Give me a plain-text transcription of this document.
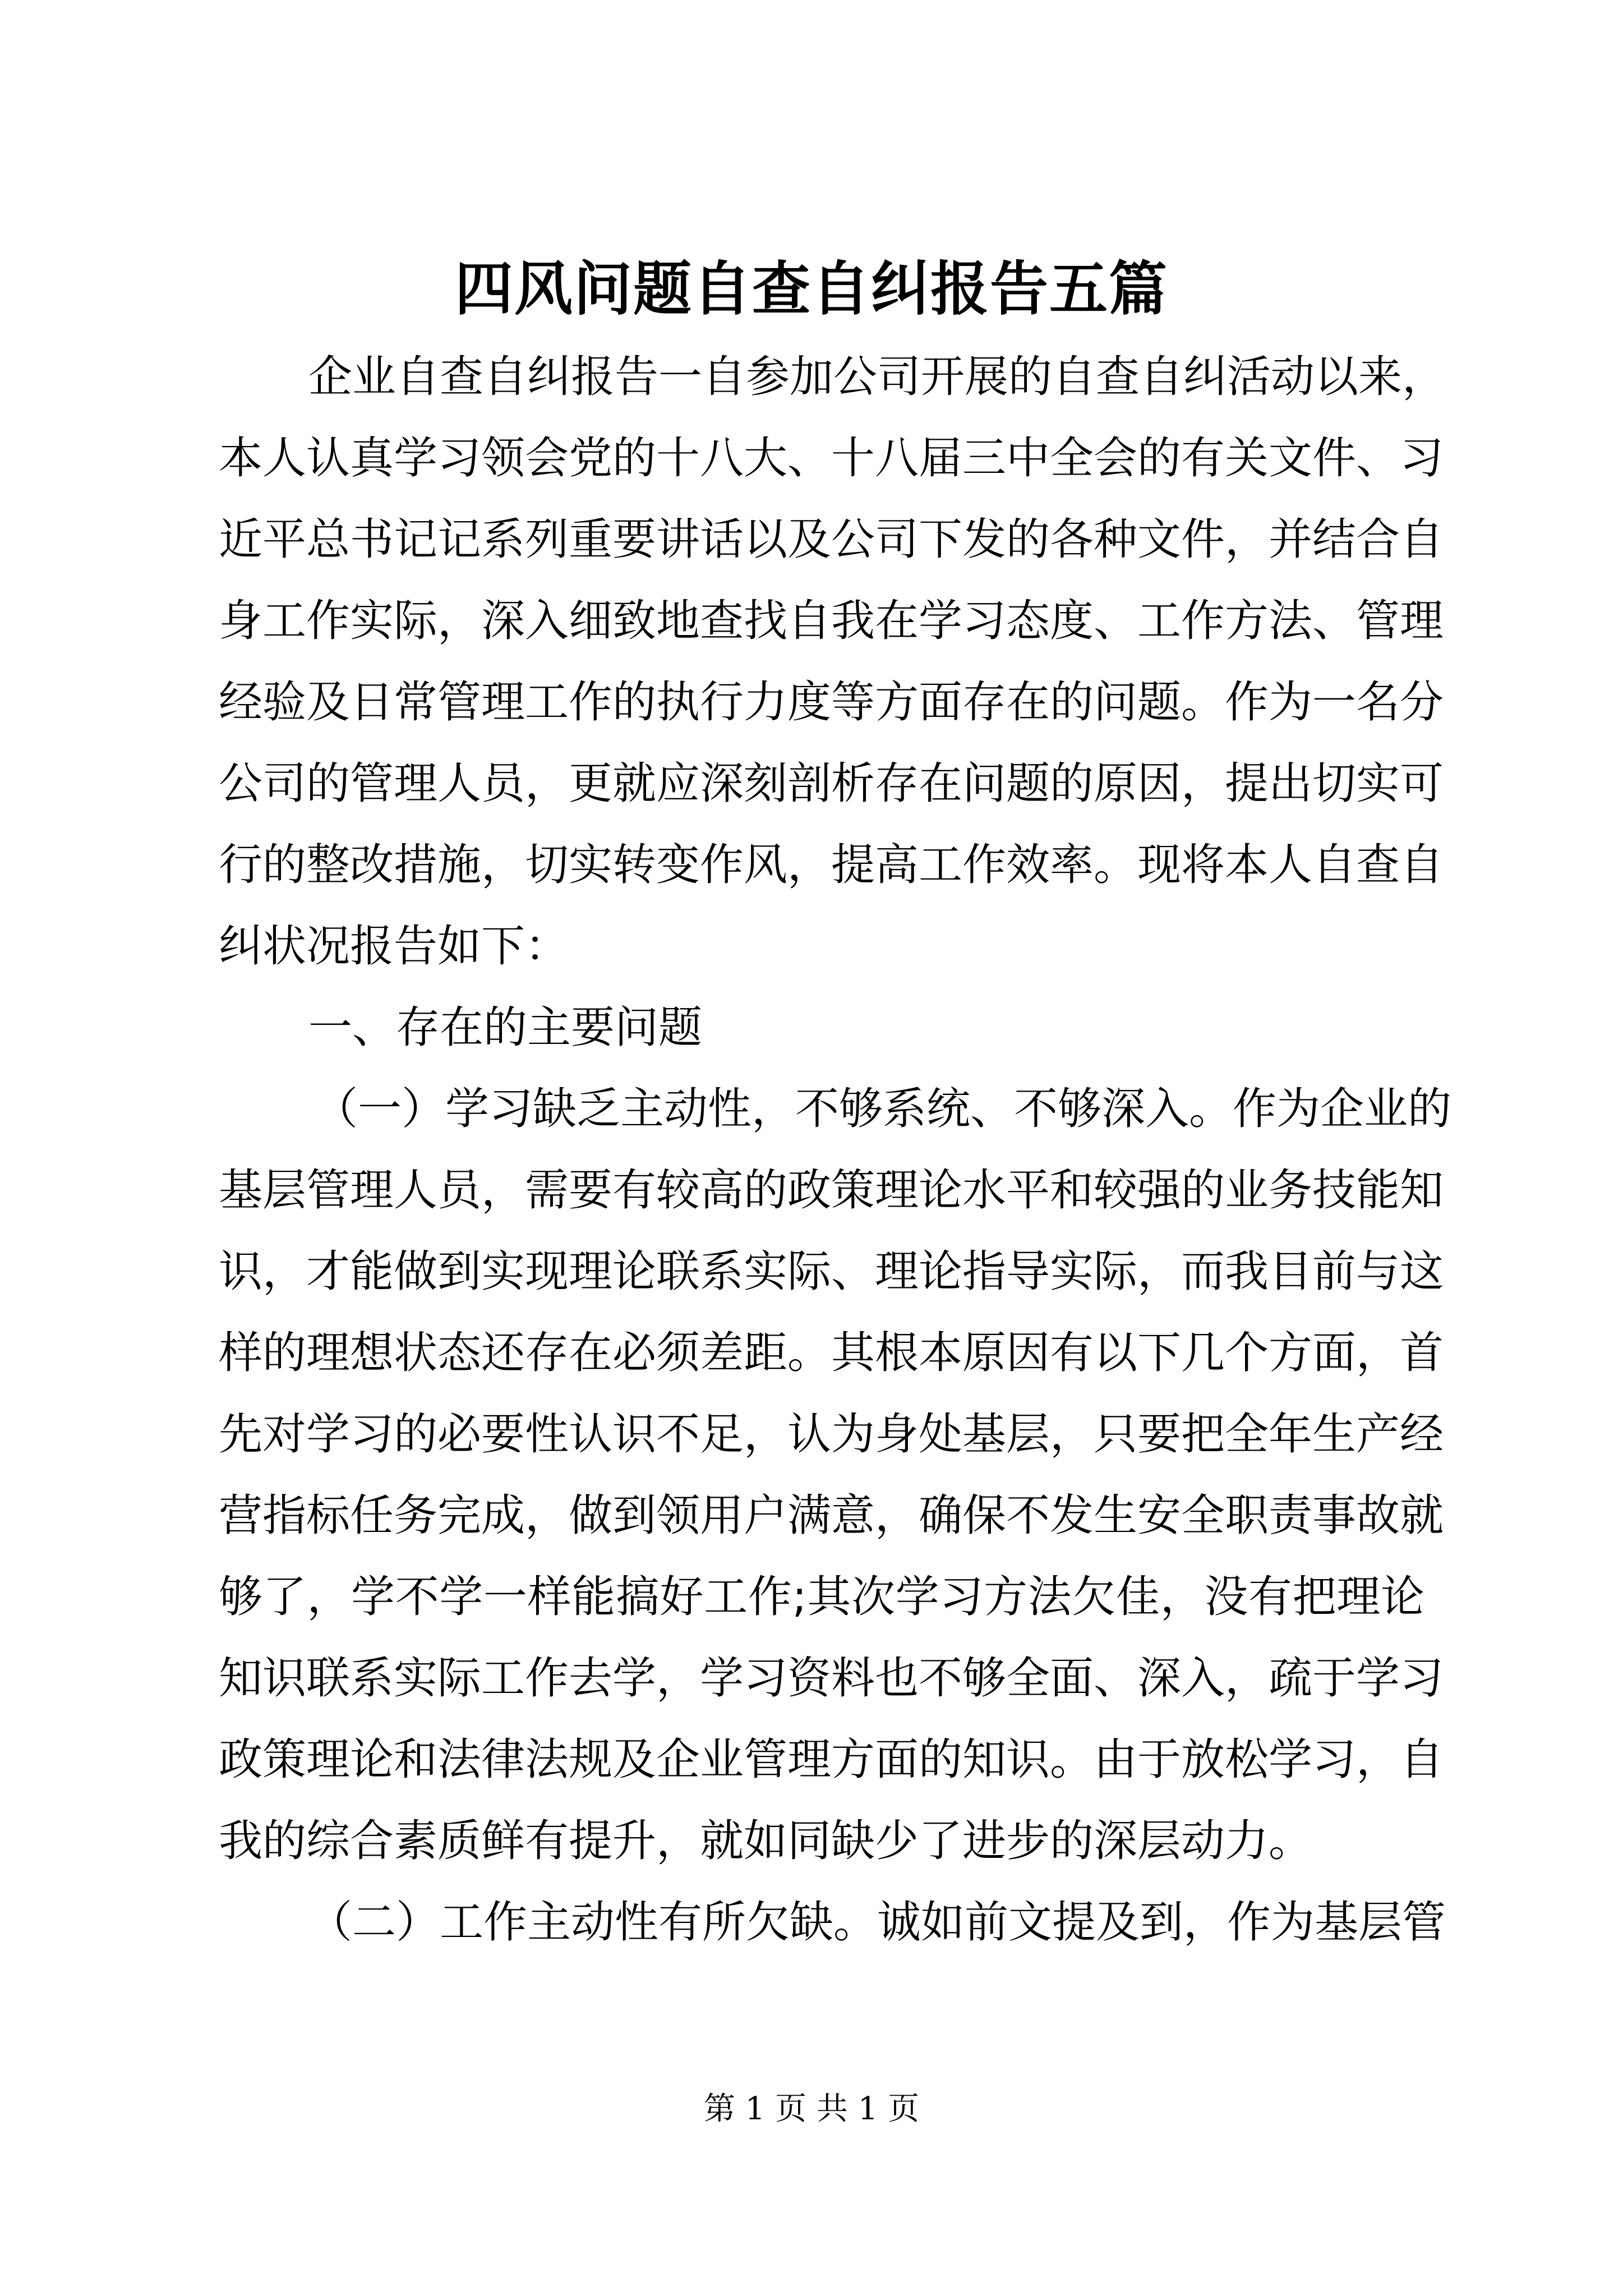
四风问题自查自纠报告五篇
企业自查自纠报告一自参加公司开展的自查自纠活动以来，
本人认真学习领会党的十八大、十八届三中全会的有关文件、习
近平总书记记系列重要讲话以及公司下发的各种文件，并结合自
身工作实际，深入细致地查找自我在学习态度、工作方法、管理
经验及日常管理工作的执行力度等方面存在的问题。作为一名分
公司的管理人员，更就应深刻剖析存在问题的原因，提出切实可
行的整改措施，切实转变作风，提高工作效率。现将本人自查自
纠状况报告如下：
一、存在的主要问题
（一）学习缺乏主动性，不够系统、不够深入。作为企业的
基层管理人员，需要有较高的政策理论水平和较强的业务技能知
识，才能做到实现理论联系实际、理论指导实际，而我目前与这
样的理想状态还存在必须差距。其根本原因有以下几个方面，首
先对学习的必要性认识不足，认为身处基层，只要把全年生产经
营指标任务完成，做到领用户满意，确保不发生安全职责事故就
够了，学不学一样能搞好工作;其次学习方法欠佳，没有把理论
知识联系实际工作去学，学习资料也不够全面、深入，疏于学习
政策理论和法律法规及企业管理方面的知识。由于放松学习，自
我的综合素质鲜有提升，就如同缺少了进步的深层动力。
（二）工作主动性有所欠缺。诚如前文提及到，作为基层管
第 1 页 共 1 页
